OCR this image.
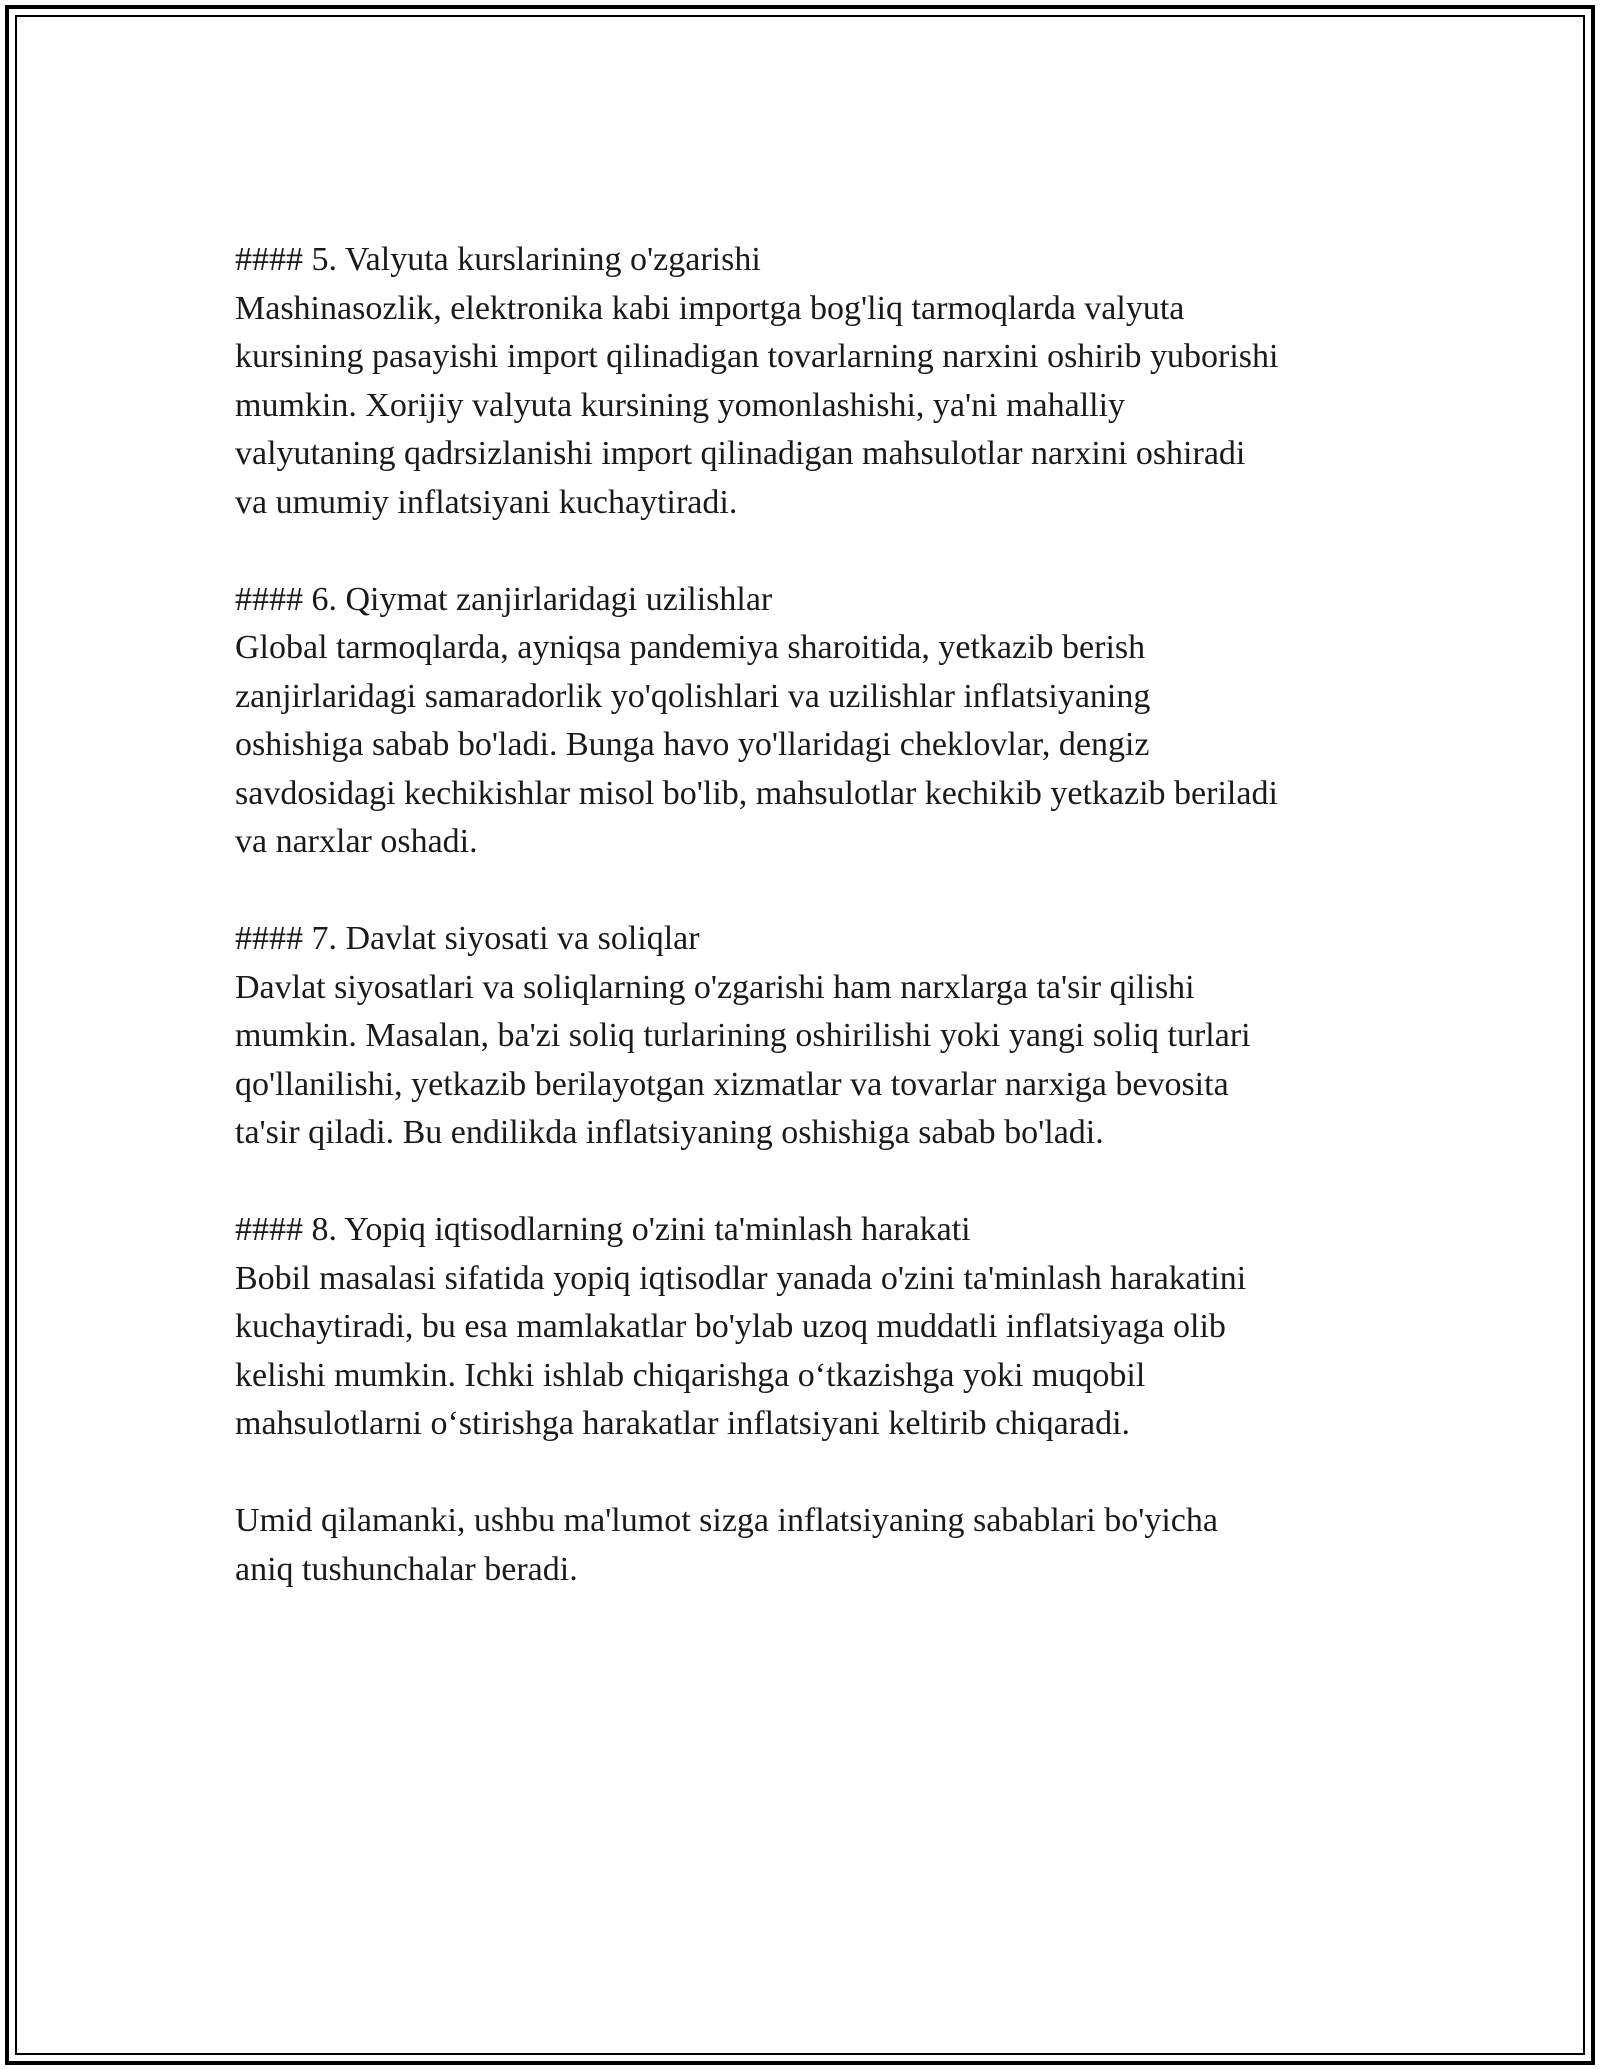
#### 5. Valyuta kurslarining o'zgarishi

Mashinasozlik, elektronika kabi importga bog'liq tarmoqlarda valyuta
kursining pasayishi import qilinadigan tovarlarning narxini oshirib yuborishi
mumkin. Xorijiy valyuta kursining yomonlashishi, ya'ni mahalliy
valyutaning qadrsizlanishi import qilinadigan mahsulotlar narxini oshiradi
va umumiy inflatsiyani kuchaytiradi.

#### 6. Qiymat zanjirlaridagi uzilishlar

Global tarmoqlarda, ayniqsa pandemiya sharoitida, yetkazib berish
zanjirlaridagi samaradorlik yo'qolishlari va uzilishlar inflatsiyaning
oshishiga sabab bo'ladi. Bunga havo yo'llaridagi cheklovlar, dengiz
savdosidagi kechikishlar misol bo'lib, mahsulotlar kechikib yetkazib beriladi
va narxlar oshadi.

#### 7. Davlat siyosati va soliqlar

Davlat siyosatlari va soliqlarning o'zgarishi ham narxlarga ta'sir qilishi
mumkin. Masalan, ba'zi soliq turlarining oshirilishi yoki yangi soliq turlari
qo'llanilishi, yetkazib berilayotgan xizmatlar va tovarlar narxiga bevosita
ta'sir qiladi. Bu endilikda inflatsiyaning oshishiga sabab bo'ladi.

#### 8. Yopiq iqtisodlarning o'zini ta'minlash harakati

Bobil masalasi sifatida yopiq iqtisodlar yanada o'zini ta'minlash harakatini
kuchaytiradi, bu esa mamlakatlar bo'ylab uzoq muddatli inflatsiyaga olib
kelishi mumkin. Ichki ishlab chiqarishga o‘tkazishga yoki muqobil
mahsulotlarni o‘stirishga harakatlar inflatsiyani keltirib chiqaradi.

Umid qilamanki, ushbu ma'lumot sizga inflatsiyaning sabablari bo'yicha
aniq tushunchalar beradi.
